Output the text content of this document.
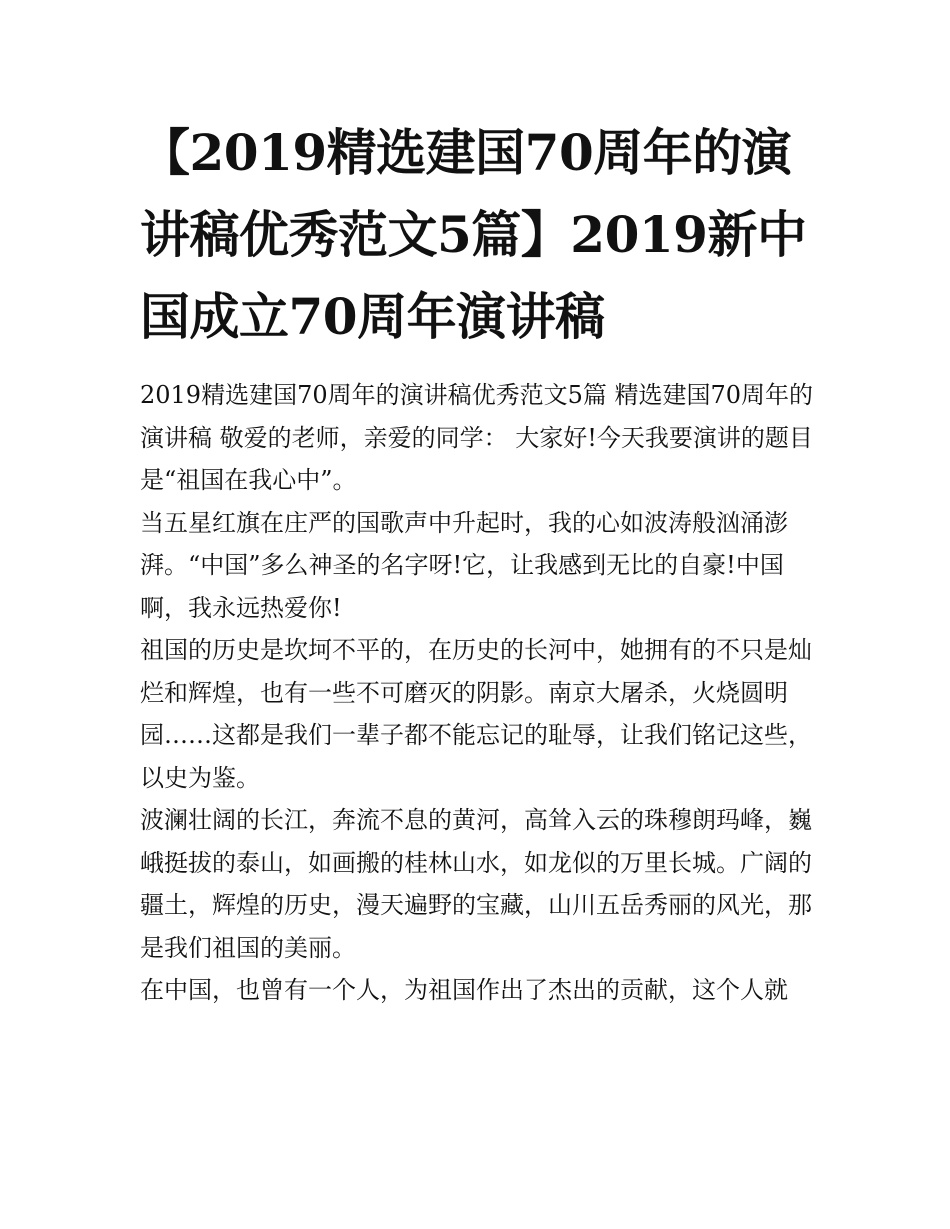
【2019精选建国70周年的演讲稿优秀范文5篇】2019新中国成立70周年演讲稿

2019精选建国70周年的演讲稿优秀范文5篇 精选建国70周年的演讲稿 敬爱的老师，亲爱的同学： 大家好!今天我要演讲的题目是“祖国在我心中”。

当五星红旗在庄严的国歌声中升起时，我的心如波涛般汹涌澎湃。“中国”多么神圣的名字呀!它，让我感到无比的自豪!中国啊，我永远热爱你!

祖国的历史是坎坷不平的，在历史的长河中，她拥有的不只是灿烂和辉煌，也有一些不可磨灭的阴影。南京大屠杀，火烧圆明园……这都是我们一辈子都不能忘记的耻辱，让我们铭记这些，以史为鉴。

波澜壮阔的长江，奔流不息的黄河，高耸入云的珠穆朗玛峰，巍峨挺拔的泰山，如画搬的桂林山水，如龙似的万里长城。广阔的疆土，辉煌的历史，漫天遍野的宝藏，山川五岳秀丽的风光，那是我们祖国的美丽。

在中国，也曾有一个人，为祖国作出了杰出的贡献，这个人就
